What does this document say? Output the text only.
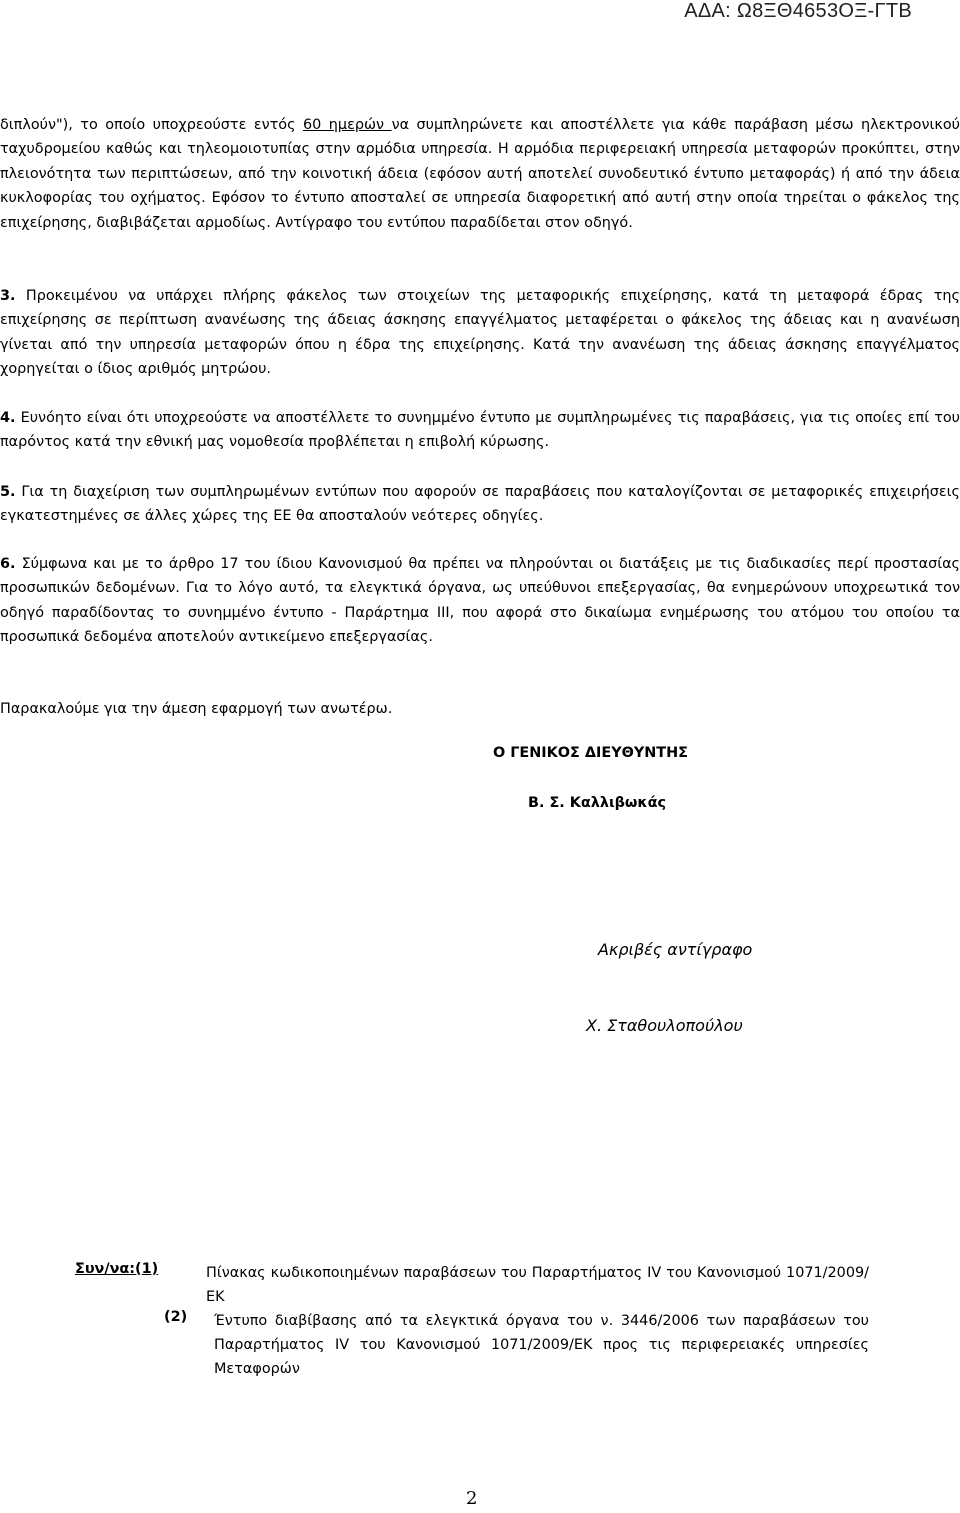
ΑΔΑ: Ω8ΞΘ4653ΟΞ-ΓΤΒ

διπλούν"), το οποίο υποχρεούστε εντός 60 ημερών να συμπληρώνετε και αποστέλλετε για κάθε παράβαση μέσω ηλεκτρονικού ταχυδρομείου καθώς και τηλεομοιοτυπίας στην αρμόδια υπηρεσία. Η αρμόδια περιφερειακή υπηρεσία μεταφορών προκύπτει, στην πλειονότητα των περιπτώσεων, από την κοινοτική άδεια (εφόσον αυτή αποτελεί συνοδευτικό έντυπο μεταφοράς) ή από την άδεια κυκλοφορίας του οχήματος. Εφόσον το έντυπο αποσταλεί σε υπηρεσία διαφορετική από αυτή στην οποία τηρείται ο φάκελος της επιχείρησης, διαβιβάζεται αρμοδίως. Αντίγραφο του εντύπου παραδίδεται στον οδηγό.

3. Προκειμένου να υπάρχει πλήρης φάκελος των στοιχείων της μεταφορικής επιχείρησης, κατά τη μεταφορά έδρας της επιχείρησης σε περίπτωση ανανέωσης της άδειας άσκησης επαγγέλματος μεταφέρεται ο φάκελος της άδειας και η ανανέωση γίνεται από την υπηρεσία μεταφορών όπου η έδρα της επιχείρησης. Κατά την ανανέωση της άδειας άσκησης επαγγέλματος χορηγείται ο ίδιος αριθμός μητρώου.

4. Ευνόητο είναι ότι υποχρεούστε να αποστέλλετε το συνημμένο έντυπο με συμπληρωμένες τις παραβάσεις, για τις οποίες επί του παρόντος κατά την εθνική μας νομοθεσία προβλέπεται η επιβολή κύρωσης.

5. Για τη διαχείριση των συμπληρωμένων εντύπων που αφορούν σε παραβάσεις που καταλογίζονται σε μεταφορικές επιχειρήσεις εγκατεστημένες σε άλλες χώρες της ΕΕ θα αποσταλούν νεότερες οδηγίες.

6. Σύμφωνα και με το άρθρο 17 του ίδιου Κανονισμού θα πρέπει να πληρούνται οι διατάξεις με τις διαδικασίες περί προστασίας προσωπικών δεδομένων. Για το λόγο αυτό, τα ελεγκτικά όργανα, ως υπεύθυνοι επεξεργασίας, θα ενημερώνουν υποχρεωτικά τον οδηγό παραδίδοντας το συνημμένο έντυπο - Παράρτημα ΙΙΙ, που αφορά στο δικαίωμα ενημέρωσης του ατόμου του οποίου τα προσωπικά δεδομένα αποτελούν αντικείμενο επεξεργασίας.

Παρακαλούμε για την άμεση εφαρμογή των ανωτέρω.

Ο ΓΕΝΙΚΟΣ ΔΙΕΥΘΥΝΤΗΣ

Β. Σ. Καλλιβωκάς

Ακριβές αντίγραφο

Χ. Σταθουλοπούλου

Συν/να:(1)	Πίνακας κωδικοποιημένων παραβάσεων του Παραρτήματος IV του Κανονισμού 1071/2009/ΕΚ

(2) Έντυπο διαβίβασης από τα ελεγκτικά όργανα του ν. 3446/2006 των παραβάσεων του Παραρτήματος IV του Κανονισμού 1071/2009/ΕΚ προς τις περιφερειακές υπηρεσίες Μεταφορών

2
